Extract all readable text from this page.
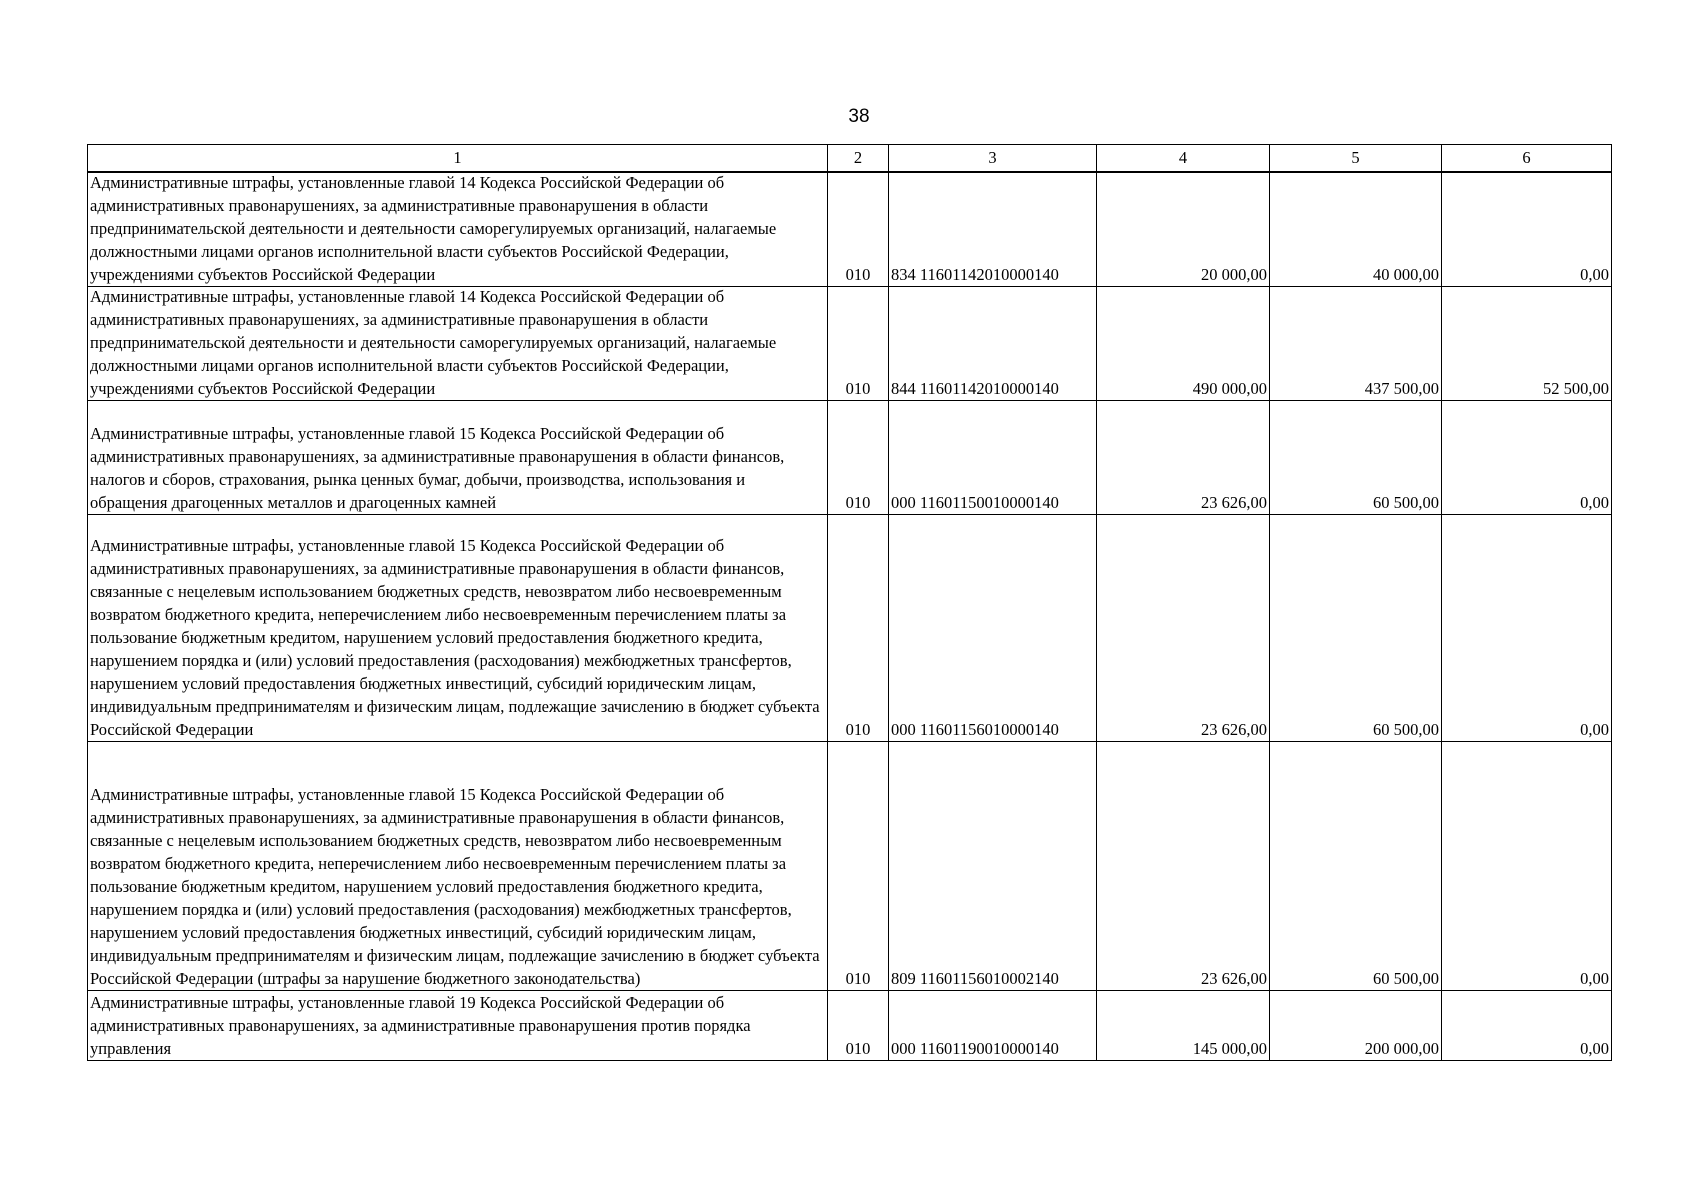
38
1	2	3	4	5	6

Административные штрафы, установленные главой 14 Кодекса Российской Федерации об административных правонарушениях, за административные правонарушения в области предпринимательской деятельности и деятельности саморегулируемых организаций, налагаемые должностными лицами органов исполнительной власти субъектов Российской Федерации, учреждениями субъектов Российской Федерации	010	834 11601142010000140	20 000,00	40 000,00	0,00

Административные штрафы, установленные главой 14 Кодекса Российской Федерации об административных правонарушениях, за административные правонарушения в области предпринимательской деятельности и деятельности саморегулируемых организаций, налагаемые должностными лицами органов исполнительной власти субъектов Российской Федерации, учреждениями субъектов Российской Федерации	010	844 11601142010000140	490 000,00	437 500,00	52 500,00
Административные штрафы, установленные главой 15 Кодекса Российской Федерации об административных правонарушениях, за административные правонарушения в области финансов, налогов и сборов, страхования, рынка ценных бумаг, добычи, производства, использования и обращения драгоценных металлов и драгоценных камней	010	000 11601150010000140	23 626,00	60 500,00	0,00

Административные штрафы, установленные главой 15 Кодекса Российской Федерации об административных правонарушениях, за административные правонарушения в области финансов, связанные с нецелевым использованием бюджетных средств, невозвратом либо несвоевременным возвратом бюджетного кредита, неперечислением либо несвоевременным перечислением платы за пользование бюджетным кредитом, нарушением условий предоставления бюджетного кредита, нарушением порядка и (или) условий предоставления (расходования) межбюджетных трансфертов, нарушением условий предоставления бюджетных инвестиций, субсидий юридическим лицам, индивидуальным предпринимателям и физическим лицам, подлежащие зачислению в бюджет субъекта Российской Федерации	010	000 11601156010000140	23 626,00	60 500,00	0,00

Административные штрафы, установленные главой 15 Кодекса Российской Федерации об административных правонарушениях, за административные правонарушения в области финансов, связанные с нецелевым использованием бюджетных средств, невозвратом либо несвоевременным возвратом бюджетного кредита, неперечислением либо несвоевременным перечислением платы за пользование бюджетным кредитом, нарушением условий предоставления бюджетного кредита, нарушением порядка и (или) условий предоставления (расходования) межбюджетных трансфертов, нарушением условий предоставления бюджетных инвестиций, субсидий юридическим лицам, индивидуальным предпринимателям и физическим лицам, подлежащие зачислению в бюджет субъекта Российской Федерации (штрафы за нарушение бюджетного законодательства)	010	809 11601156010002140	23 626,00	60 500,00	0,00
Административные штрафы, установленные главой 19 Кодекса Российской Федерации об административных правонарушениях, за административные правонарушения против порядка управления	010	000 11601190010000140	145 000,00	200 000,00	0,00
